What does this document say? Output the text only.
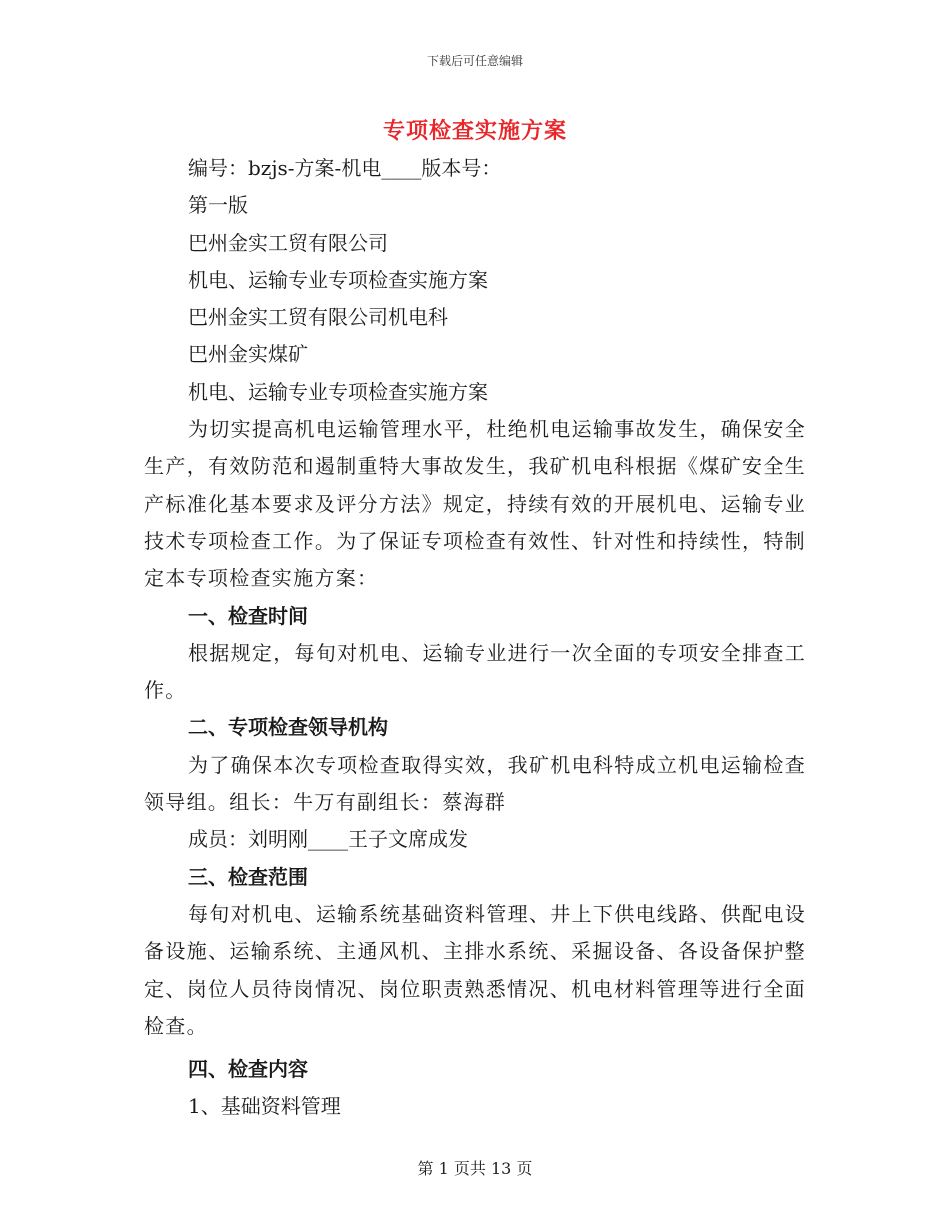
下载后可任意编辑
专项检查实施方案

编号：bzjs-方案-机电____版本号：

第一版

巴州金实工贸有限公司

机电、运输专业专项检查实施方案

巴州金实工贸有限公司机电科

巴州金实煤矿

机电、运输专业专项检查实施方案

为切实提高机电运输管理水平，杜绝机电运输事故发生，确保安全生产，有效防范和遏制重特大事故发生，我矿机电科根据《煤矿安全生产标准化基本要求及评分方法》规定，持续有效的开展机电、运输专业技术专项检查工作。为了保证专项检查有效性、针对性和持续性，特制定本专项检查实施方案：

一、检查时间

根据规定，每旬对机电、运输专业进行一次全面的专项安全排查工作。

二、专项检查领导机构

为了确保本次专项检查取得实效，我矿机电科特成立机电运输检查领导组。组长：牛万有副组长：蔡海群

成员：刘明刚____王子文席成发

三、检查范围

每旬对机电、运输系统基础资料管理、井上下供电线路、供配电设备设施、运输系统、主通风机、主排水系统、采掘设备、各设备保护整定、岗位人员待岗情况、岗位职责熟悉情况、机电材料管理等进行全面检查。

四、检查内容

1、基础资料管理

第 1 页共 13 页
